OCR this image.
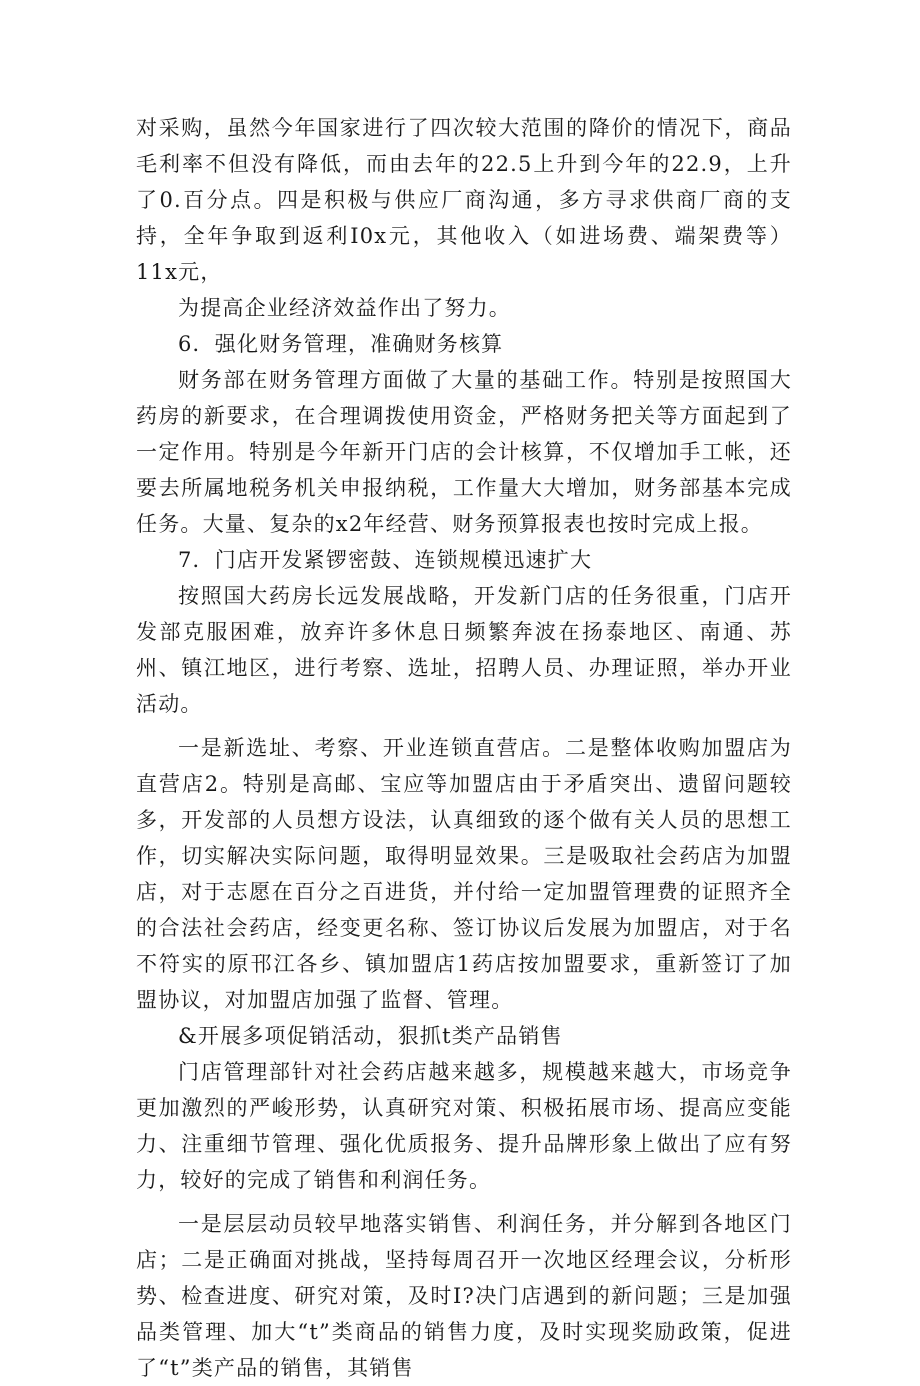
对采购，虽然今年国家进行了四次较大范围的降价的情况下，商品毛利率不但没有降低，而由去年的22.5上升到今年的22.9，上升了0.百分点。四是积极与供应厂商沟通，多方寻求供商厂商的支持，全年争取到返利I0x元，其他收入（如进场费、端架费等）11x元，

为提高企业经济效益作出了努力。

6．强化财务管理，准确财务核算

财务部在财务管理方面做了大量的基础工作。特别是按照国大药房的新要求，在合理调拨使用资金，严格财务把关等方面起到了一定作用。特别是今年新开门店的会计核算，不仅增加手工帐，还要去所属地税务机关申报纳税，工作量大大增加，财务部基本完成任务。大量、复杂的x2年经营、财务预算报表也按时完成上报。

7．门店开发紧锣密鼓、连锁规模迅速扩大

按照国大药房长远发展战略，开发新门店的任务很重，门店开发部克服困难，放弃许多休息日频繁奔波在扬泰地区、南通、苏州、镇江地区，进行考察、选址，招聘人员、办理证照，举办开业活动。

一是新选址、考察、开业连锁直营店。二是整体收购加盟店为直营店2。特别是高邮、宝应等加盟店由于矛盾突出、遗留问题较多，开发部的人员想方设法，认真细致的逐个做有关人员的思想工作，切实解决实际问题，取得明显效果。三是吸取社会药店为加盟店，对于志愿在百分之百进货，并付给一定加盟管理费的证照齐全的合法社会药店，经变更名称、签订协议后发展为加盟店，对于名不符实的原邗江各乡、镇加盟店1药店按加盟要求，重新签订了加盟协议，对加盟店加强了监督、管理。

&开展多项促销活动，狠抓t类产品销售

门店管理部针对社会药店越来越多，规模越来越大，市场竞争更加激烈的严峻形势，认真研究对策、积极拓展市场、提高应变能力、注重细节管理、强化优质报务、提升品牌形象上做出了应有努力，较好的完成了销售和利润任务。

一是层层动员较早地落实销售、利润任务，并分解到各地区门店；二是正确面对挑战，坚持每周召开一次地区经理会议，分析形势、检查进度、研究对策，及时I?决门店遇到的新问题；三是加强品类管理、加大“t”类商品的销售力度，及时实现奖励政策，促进了“t”类产品的销售，其销售
